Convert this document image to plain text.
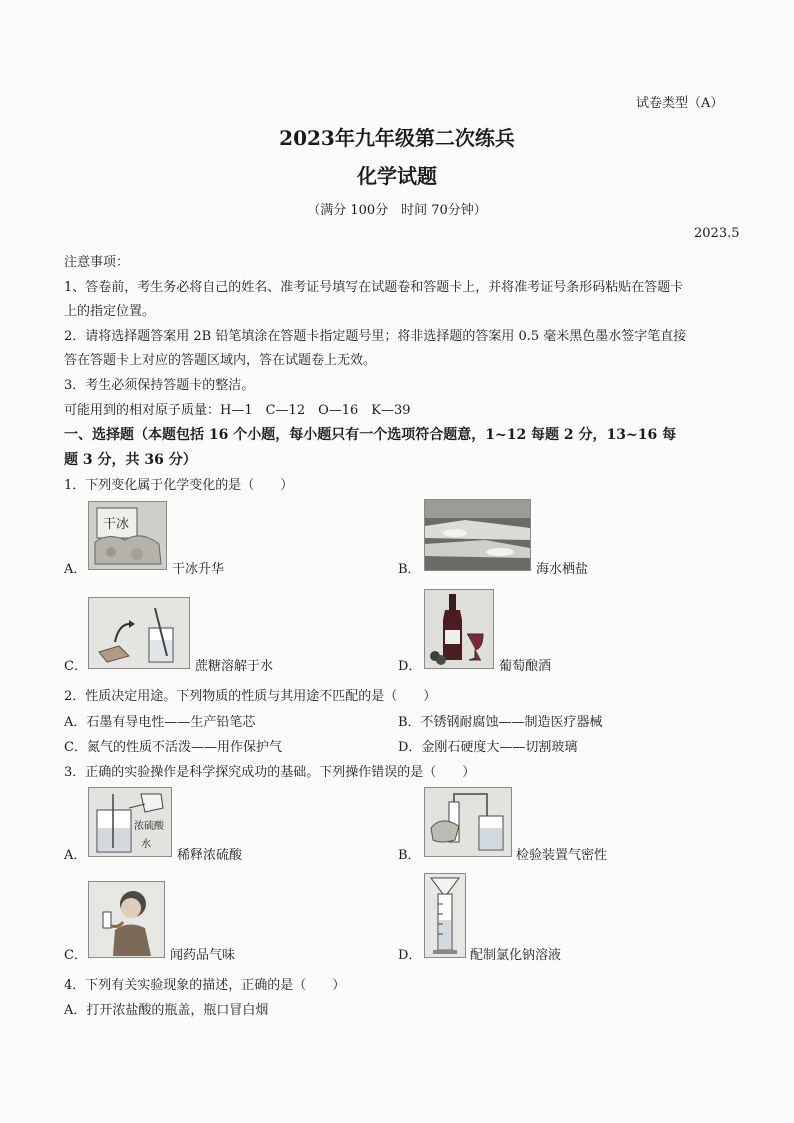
试卷类型（A）
2023年九年级第二次练兵
化学试题
（满分 100分　时间 70分钟）
2023.5
注意事项：
1、答卷前，考生务必将自己的姓名、准考证号填写在试题卷和答题卡上，并将准考证号条形码粘贴在答题卡
上的指定位置。
2．请将选择题答案用 2B 铅笔填涂在答题卡指定题号里；将非选择题的答案用 0.5 毫米黑色墨水签字笔直接
答在答题卡上对应的答题区域内，答在试题卷上无效。
3．考生必须保持答题卡的整洁。
可能用到的相对原子质量：H—1　C—12　O—16　K—39
一、选择题（本题包括 16 个小题，每小题只有一个选项符合题意，1~12 每题 2 分，13~16 每
题 3 分，共 36 分）
1．下列变化属于化学变化的是（　　）
A．
干冰
干冰升华	B．	海水栖盐
C．	蔗糖溶解于水	D．	葡萄酿酒
2．性质决定用途。下列物质的性质与其用途不匹配的是（　　）
A．石墨有导电性——生产铅笔芯	B．不锈钢耐腐蚀——制造医疗器械
C．氮气的性质不活泼——用作保护气	D．金刚石硬度大——切割玻璃
3．正确的实验操作是科学探究成功的基础。下列操作错误的是（　　）
A．
浓硫酸
水
稀释浓硫酸	B．	检验装置气密性
C．	闻药品气味	D．	配制氯化钠溶液
4．下列有关实验现象的描述，正确的是（　　）
A．打开浓盐酸的瓶盖，瓶口冒白烟
